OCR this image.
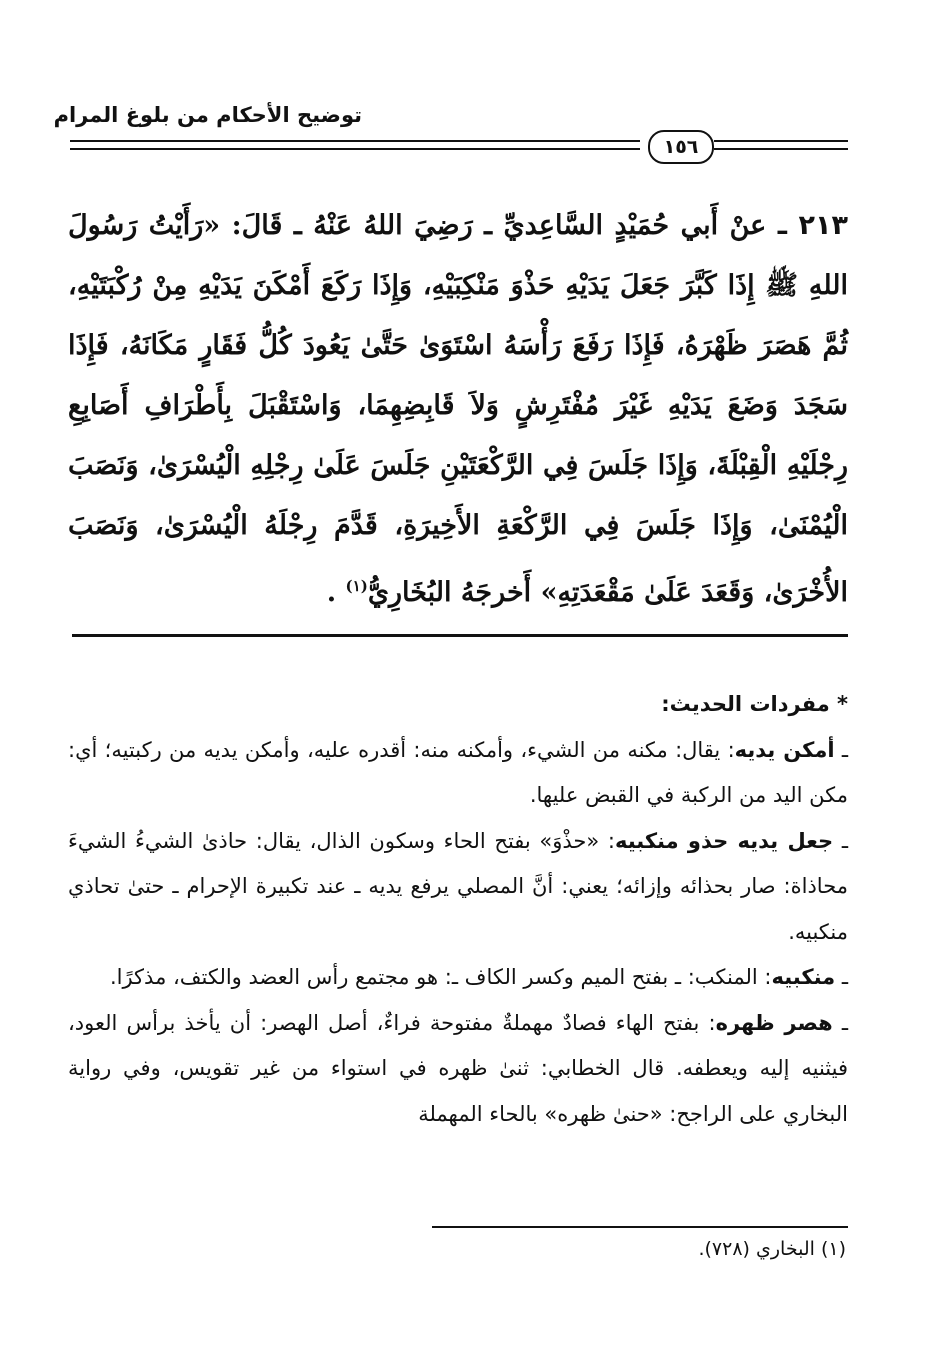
توضيح الأحكام من بلوغ المرام
١٥٦
٢١٣ ـ عنْ أَبي حُمَيْدٍ السَّاعِديِّ ـ رَضِيَ اللهُ عَنْهُ ـ قَالَ: «رَأَيْتُ رَسُولَ اللهِ ﷺ إِذَا كَبَّرَ جَعَلَ يَدَيْهِ حَذْوَ مَنْكِبَيْهِ، وَإِذَا رَكَعَ أَمْكَنَ يَدَيْهِ مِنْ رُكْبَتَيْهِ، ثُمَّ هَصَرَ ظَهْرَهُ، فَإِذَا رَفَعَ رَأْسَهُ اسْتَوَىٰ حَتَّىٰ يَعُودَ كُلُّ فَقَارٍ مَكَانَهُ، فَإِذَا سَجَدَ وَضَعَ يَدَيْهِ غَيْرَ مُفْتَرِشٍ وَلاَ قَابِضِهِمَا، وَاسْتَقْبَلَ بِأَطْرَافِ أَصَابِعِ رِجْلَيْهِ الْقِبْلَةَ، وَإِذَا جَلَسَ فِي الرَّكْعَتَيْنِ جَلَسَ عَلَىٰ رِجْلِهِ الْيُسْرَىٰ، وَنَصَبَ الْيُمْنَىٰ، وَإِذَا جَلَسَ فِي الرَّكْعَةِ الأَخِيرَةِ، قَدَّمَ رِجْلَهُ الْيُسْرَىٰ، وَنَصَبَ الأُخْرَىٰ، وَقَعَدَ عَلَىٰ مَقْعَدَتِهِ» أَخرجَهُ البُخَارِيُّ$^{(١)}$ .
* مفردات الحديث:
ـ أمكن يديه: يقال: مكنه من الشيء، وأمكنه منه: أقدره عليه، وأمكن يديه من ركبتيه؛ أي: مكن اليد من الركبة في القبض عليها.
ـ جعل يديه حذو منكبيه: «حذْوَ» بفتح الحاء وسكون الذال، يقال: حاذىٰ الشيءُ الشيءَ محاذاة: صار بحذائه وإزائه؛ يعني: أنَّ المصلي يرفع يديه ـ عند تكبيرة الإحرام ـ حتىٰ تحاذي منكبيه.
ـ منكبيه: المنكب: ـ بفتح الميم وكسر الكاف ـ: هو مجتمع رأس العضد والكتف، مذكرًا.
ـ هصر ظهره: بفتح الهاء فصادٌ مهملةٌ مفتوحة فراءٌ، أصل الهصر: أن يأخذ برأس العود، فيثنيه إليه ويعطفه. قال الخطابي: ثنىٰ ظهره في استواء من غير تقويس، وفي رواية البخاري على الراجح: «حنىٰ ظهره» بالحاء المهملة
(١) البخاري (٧٢٨).
